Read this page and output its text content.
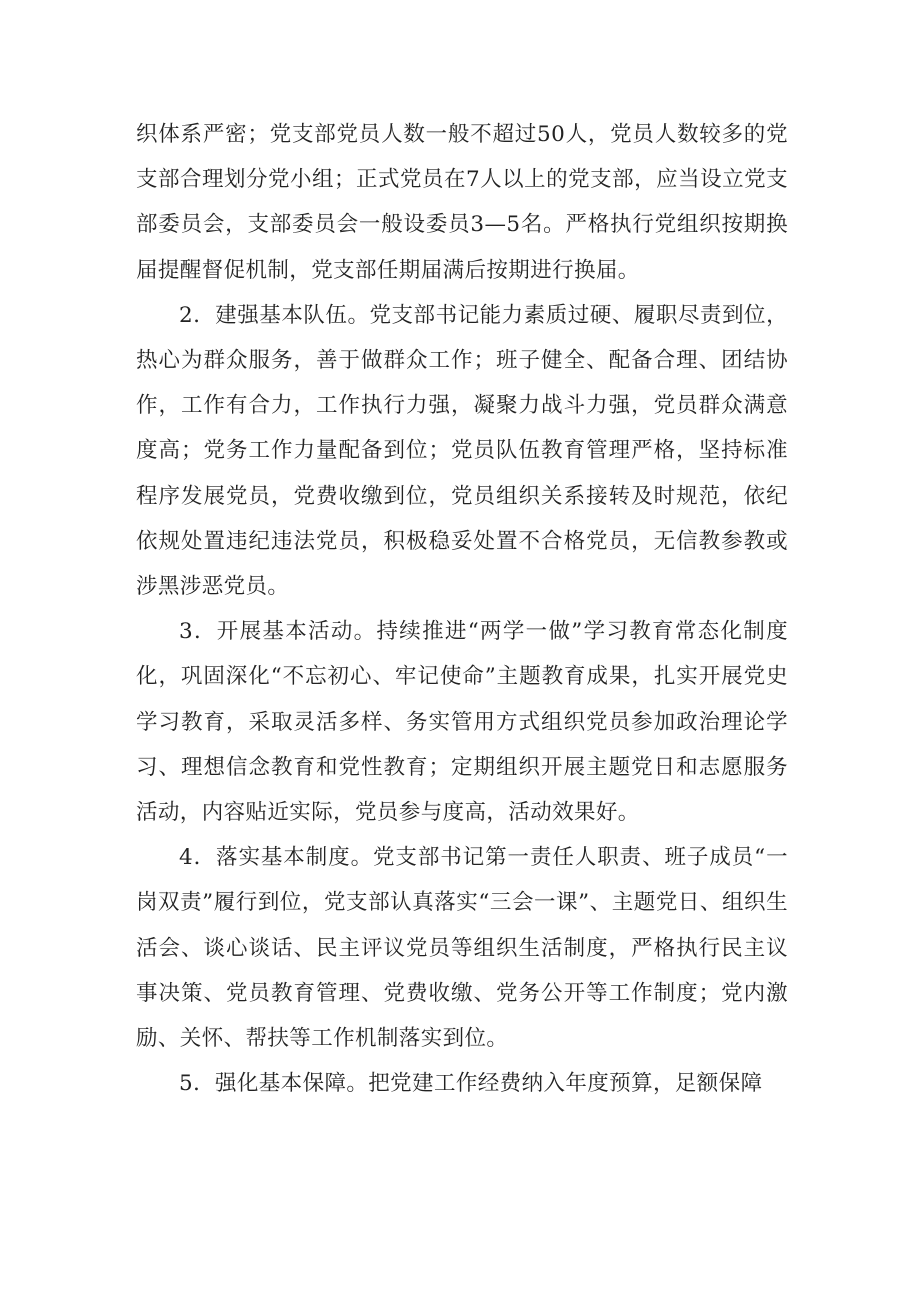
织体系严密；党支部党员人数一般不超过50人，党员人数较多的党支部合理划分党小组；正式党员在7人以上的党支部，应当设立党支部委员会，支部委员会一般设委员3—5名。严格执行党组织按期换届提醒督促机制，党支部任期届满后按期进行换届。

2．建强基本队伍。党支部书记能力素质过硬、履职尽责到位，热心为群众服务，善于做群众工作；班子健全、配备合理、团结协作，工作有合力，工作执行力强，凝聚力战斗力强，党员群众满意度高；党务工作力量配备到位；党员队伍教育管理严格，坚持标准程序发展党员，党费收缴到位，党员组织关系接转及时规范，依纪依规处置违纪违法党员，积极稳妥处置不合格党员，无信教参教或涉黑涉恶党员。

3．开展基本活动。持续推进“两学一做”学习教育常态化制度化，巩固深化“不忘初心、牢记使命”主题教育成果，扎实开展党史学习教育，采取灵活多样、务实管用方式组织党员参加政治理论学习、理想信念教育和党性教育；定期组织开展主题党日和志愿服务活动，内容贴近实际，党员参与度高，活动效果好。

4．落实基本制度。党支部书记第一责任人职责、班子成员“一岗双责”履行到位，党支部认真落实“三会一课”、主题党日、组织生活会、谈心谈话、民主评议党员等组织生活制度，严格执行民主议事决策、党员教育管理、党费收缴、党务公开等工作制度；党内激励、关怀、帮扶等工作机制落实到位。

5．强化基本保障。把党建工作经费纳入年度预算，足额保障
